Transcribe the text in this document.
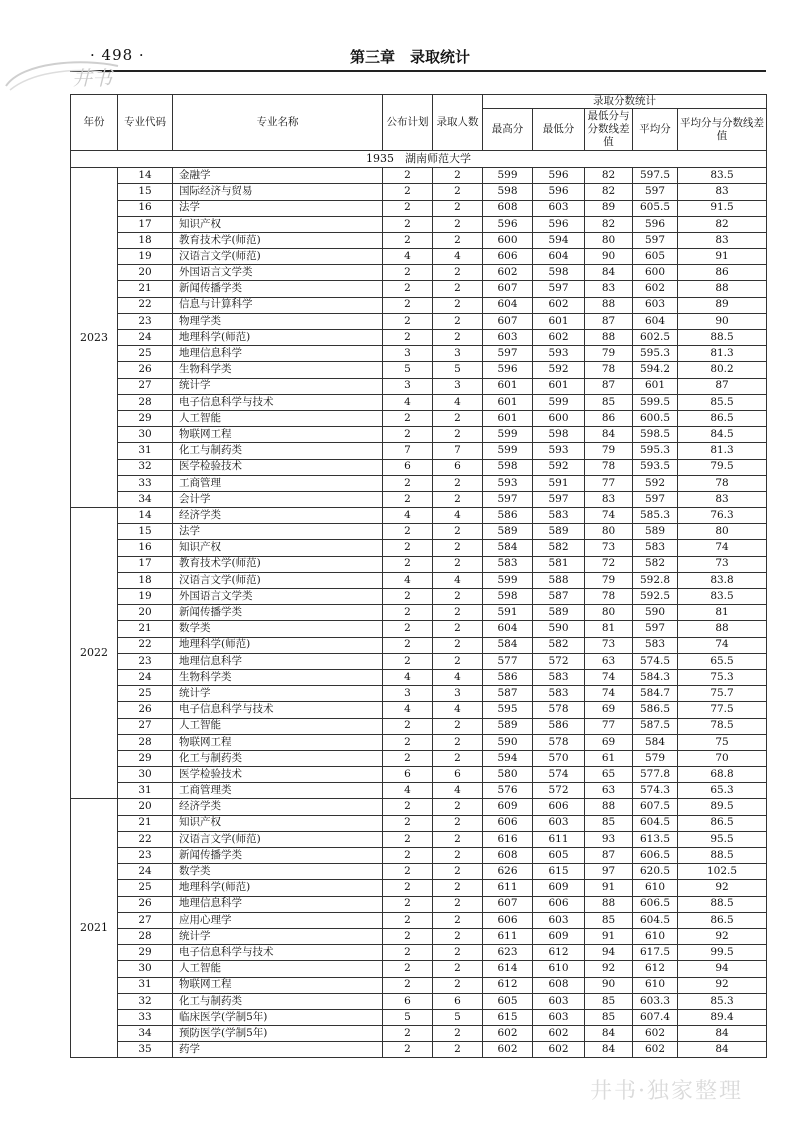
· 498 ·	第三章　录取统计
井书
年份	专业代码	专业名称	公布计划	录取人数	录取分数统计				
					最高分	最低分	最低分与分数线差值	平均分	平均分与分数线差值
1935　湖南师范大学									
2023	14	金融学	2	2	599	596	82	597.5	83.5
	15	国际经济与贸易	2	2	598	596	82	597	83
	16	法学	2	2	608	603	89	605.5	91.5
	17	知识产权	2	2	596	596	82	596	82
	18	教育技术学(师范)	2	2	600	594	80	597	83
	19	汉语言文学(师范)	4	4	606	604	90	605	91
	20	外国语言文学类	2	2	602	598	84	600	86
	21	新闻传播学类	2	2	607	597	83	602	88
	22	信息与计算科学	2	2	604	602	88	603	89
	23	物理学类	2	2	607	601	87	604	90
	24	地理科学(师范)	2	2	603	602	88	602.5	88.5
	25	地理信息科学	3	3	597	593	79	595.3	81.3
	26	生物科学类	5	5	596	592	78	594.2	80.2
	27	统计学	3	3	601	601	87	601	87
	28	电子信息科学与技术	4	4	601	599	85	599.5	85.5
	29	人工智能	2	2	601	600	86	600.5	86.5
	30	物联网工程	2	2	599	598	84	598.5	84.5
	31	化工与制药类	7	7	599	593	79	595.3	81.3
	32	医学检验技术	6	6	598	592	78	593.5	79.5
	33	工商管理	2	2	593	591	77	592	78
	34	会计学	2	2	597	597	83	597	83
2022	14	经济学类	4	4	586	583	74	585.3	76.3
	15	法学	2	2	589	589	80	589	80
	16	知识产权	2	2	584	582	73	583	74
	17	教育技术学(师范)	2	2	583	581	72	582	73
	18	汉语言文学(师范)	4	4	599	588	79	592.8	83.8
	19	外国语言文学类	2	2	598	587	78	592.5	83.5
	20	新闻传播学类	2	2	591	589	80	590	81
	21	数学类	2	2	604	590	81	597	88
	22	地理科学(师范)	2	2	584	582	73	583	74
	23	地理信息科学	2	2	577	572	63	574.5	65.5
	24	生物科学类	4	4	586	583	74	584.3	75.3
	25	统计学	3	3	587	583	74	584.7	75.7
	26	电子信息科学与技术	4	4	595	578	69	586.5	77.5
	27	人工智能	2	2	589	586	77	587.5	78.5
	28	物联网工程	2	2	590	578	69	584	75
	29	化工与制药类	2	2	594	570	61	579	70
	30	医学检验技术	6	6	580	574	65	577.8	68.8
	31	工商管理类	4	4	576	572	63	574.3	65.3
2021	20	经济学类	2	2	609	606	88	607.5	89.5
	21	知识产权	2	2	606	603	85	604.5	86.5
	22	汉语言文学(师范)	2	2	616	611	93	613.5	95.5
	23	新闻传播学类	2	2	608	605	87	606.5	88.5
	24	数学类	2	2	626	615	97	620.5	102.5
	25	地理科学(师范)	2	2	611	609	91	610	92
	26	地理信息科学	2	2	607	606	88	606.5	88.5
	27	应用心理学	2	2	606	603	85	604.5	86.5
	28	统计学	2	2	611	609	91	610	92
	29	电子信息科学与技术	2	2	623	612	94	617.5	99.5
	30	人工智能	2	2	614	610	92	612	94
	31	物联网工程	2	2	612	608	90	610	92
	32	化工与制药类	6	6	605	603	85	603.3	85.3
	33	临床医学(学制5年)	5	5	615	603	85	607.4	89.4
	34	预防医学(学制5年)	2	2	602	602	84	602	84
	35	药学	2	2	602	602	84	602	84
井书·独家整理
